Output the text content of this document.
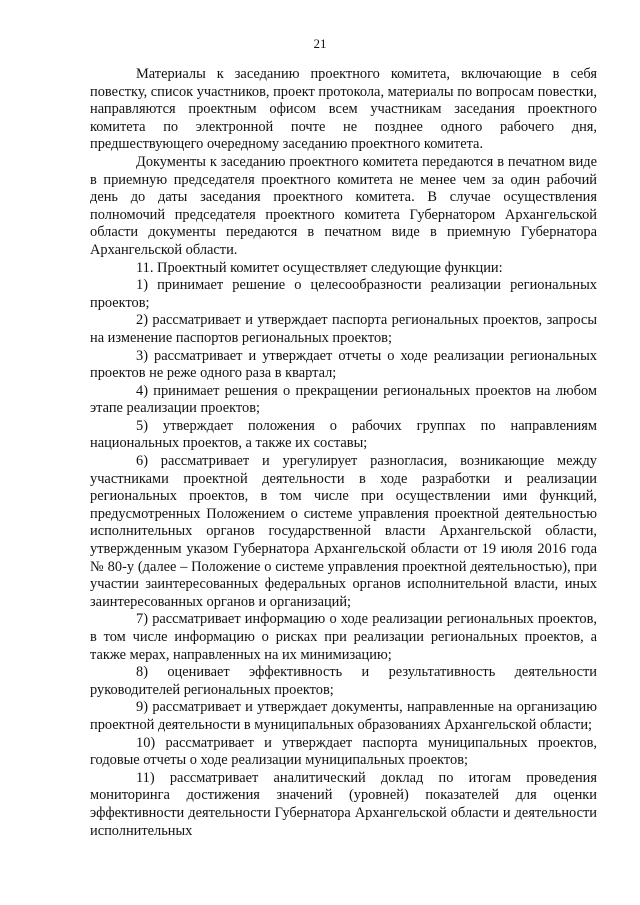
21

Материалы к заседанию проектного комитета, включающие в себя повестку, список участников, проект протокола, материалы по вопросам повестки, направляются проектным офисом всем участникам заседания проектного комитета по электронной почте не позднее одного рабочего дня, предшествующего очередному заседанию проектного комитета.

Документы к заседанию проектного комитета передаются в печатном виде в приемную председателя проектного комитета не менее чем за один рабочий день до даты заседания проектного комитета. В случае осуществления полномочий председателя проектного комитета Губернатором Архангельской области документы передаются в печатном виде в приемную Губернатора Архангельской области.

11. Проектный комитет осуществляет следующие функции:

1) принимает решение о целесообразности реализации региональных проектов;

2) рассматривает и утверждает паспорта региональных проектов, запросы на изменение паспортов региональных проектов;

3) рассматривает и утверждает отчеты о ходе реализации региональных проектов не реже одного раза в квартал;

4) принимает решения о прекращении региональных проектов на любом этапе реализации проектов;

5) утверждает положения о рабочих группах по направлениям национальных проектов, а также их составы;

6) рассматривает и урегулирует разногласия, возникающие между участниками проектной деятельности в ходе разработки и реализации региональных проектов, в том числе при осуществлении ими функций, предусмотренных Положением о системе управления проектной деятельностью исполнительных органов государственной власти Архангельской области, утвержденным указом Губернатора Архангельской области от 19 июля 2016 года № 80-у (далее – Положение о системе управления проектной деятельностью), при участии заинтересованных федеральных органов исполнительной власти, иных заинтересованных органов и организаций;

7) рассматривает информацию о ходе реализации региональных проектов, в том числе информацию о рисках при реализации региональных проектов, а также мерах, направленных на их минимизацию;

8) оценивает эффективность и результативность деятельности руководителей региональных проектов;

9) рассматривает и утверждает документы, направленные на организацию проектной деятельности в муниципальных образованиях Архангельской области;

10) рассматривает и утверждает паспорта муниципальных проектов, годовые отчеты о ходе реализации муниципальных проектов;

11) рассматривает аналитический доклад по итогам проведения мониторинга достижения значений (уровней) показателей для оценки эффективности деятельности Губернатора Архангельской области и деятельности исполнительных
